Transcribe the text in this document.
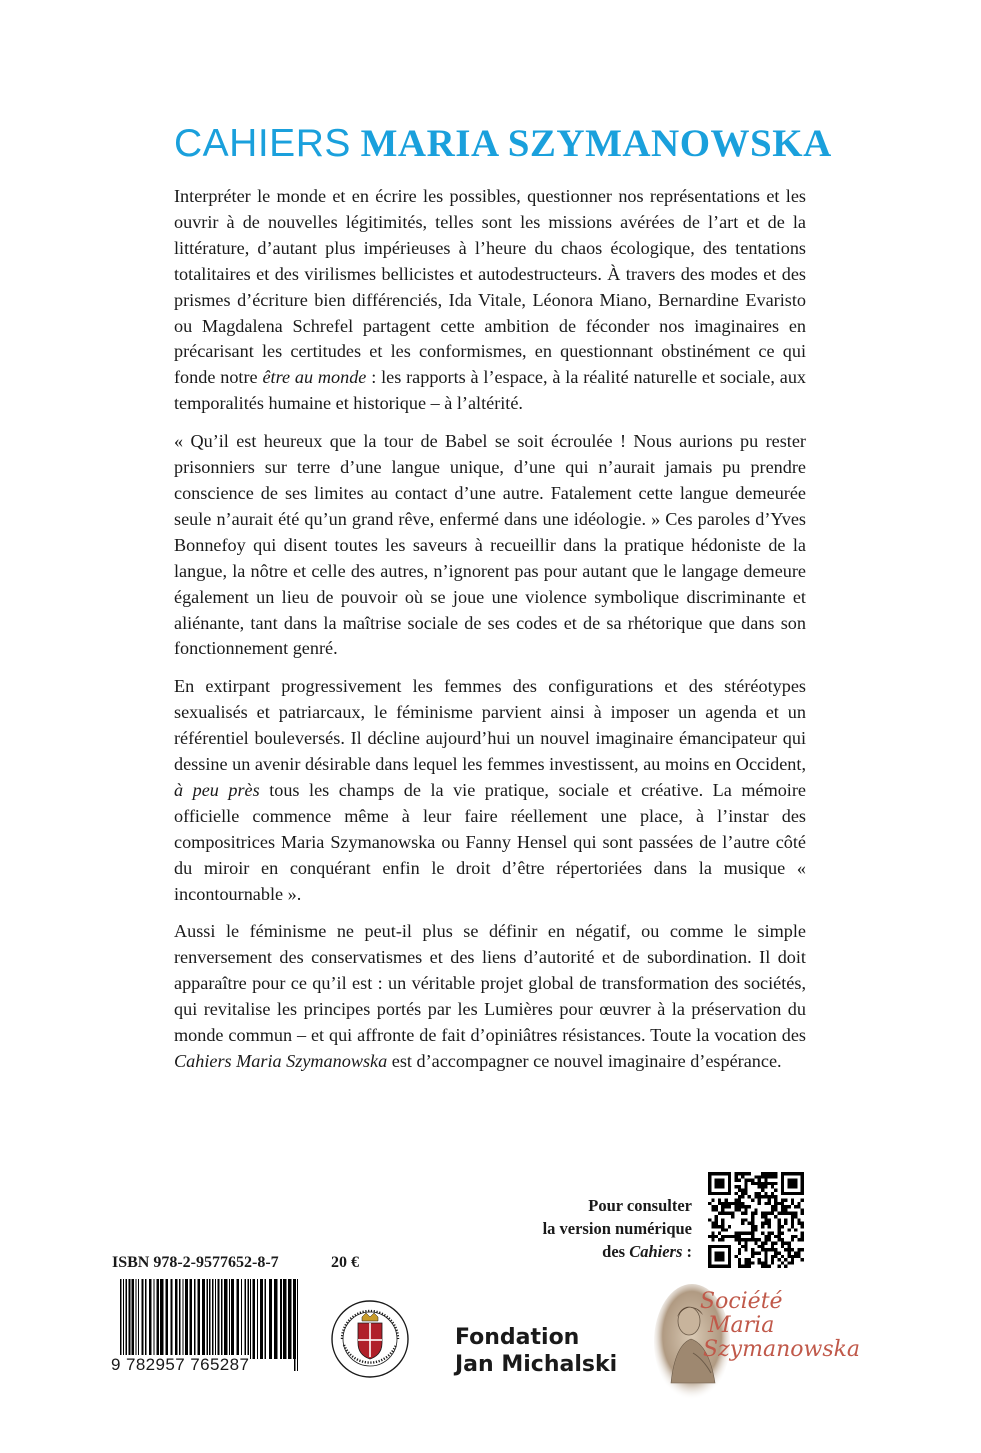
CAHIERS MARIA SZYMANOWSKA

Interpréter le monde et en écrire les possibles, questionner nos représentations et les ouvrir à de nouvelles légitimités, telles sont les missions avérées de l’art et de la littérature, d’autant plus impérieuses à l’heure du chaos écologique, des tentations totalitaires et des virilismes bellicistes et autodestructeurs. À travers des modes et des prismes d’écriture bien différenciés, Ida Vitale, Léonora Miano, Bernardine Evaristo ou Magdalena Schrefel partagent cette ambition de féconder nos imaginaires en précarisant les certitudes et les conformismes, en questionnant obstinément ce qui fonde notre être au monde : les rapports à l’espace, à la réalité naturelle et sociale, aux temporalités humaine et historique – à l’altérité.

« Qu’il est heureux que la tour de Babel se soit écroulée ! Nous aurions pu rester prisonniers sur terre d’une langue unique, d’une qui n’aurait jamais pu prendre conscience de ses limites au contact d’une autre. Fatalement cette langue demeurée seule n’aurait été qu’un grand rêve, enfermé dans une idéologie. » Ces paroles d’Yves Bonnefoy qui disent toutes les saveurs à recueillir dans la pratique hédoniste de la langue, la nôtre et celle des autres, n’ignorent pas pour autant que le langage demeure également un lieu de pouvoir où se joue une violence symbolique discriminante et aliénante, tant dans la maîtrise sociale de ses codes et de sa rhétorique que dans son fonctionnement genré.

En extirpant progressivement les femmes des configurations et des stéréotypes sexualisés et patriarcaux, le féminisme parvient ainsi à imposer un agenda et un référentiel bouleversés. Il décline aujourd’hui un nouvel imaginaire émancipateur qui dessine un avenir désirable dans lequel les femmes investissent, au moins en Occident, à peu près tous les champs de la vie pratique, sociale et créative. La mémoire officielle commence même à leur faire réellement une place, à l’instar des compositrices Maria Szymanowska ou Fanny Hensel qui sont passées de l’autre côté du miroir en conquérant enfin le droit d’être répertoriées dans la musique « incontournable ».

Aussi le féminisme ne peut-il plus se définir en négatif, ou comme le simple renversement des conservatismes et des liens d’autorité et de subordination. Il doit apparaître pour ce qu’il est : un véritable projet global de transformation des sociétés, qui revitalise les principes portés par les Lumières pour œuvrer à la préservation du monde commun – et qui affronte de fait d’opiniâtres résistances. Toute la vocation des Cahiers Maria Szymanowska est d’accompagner ce nouvel imaginaire d’espérance.

Pour consulter
la version numérique
des Cahiers :
ISBN 978-2-9577652-8-7	20 €
9 782957 765287
Fondation
Jan Michalski
Société
Maria
Szymanowska
